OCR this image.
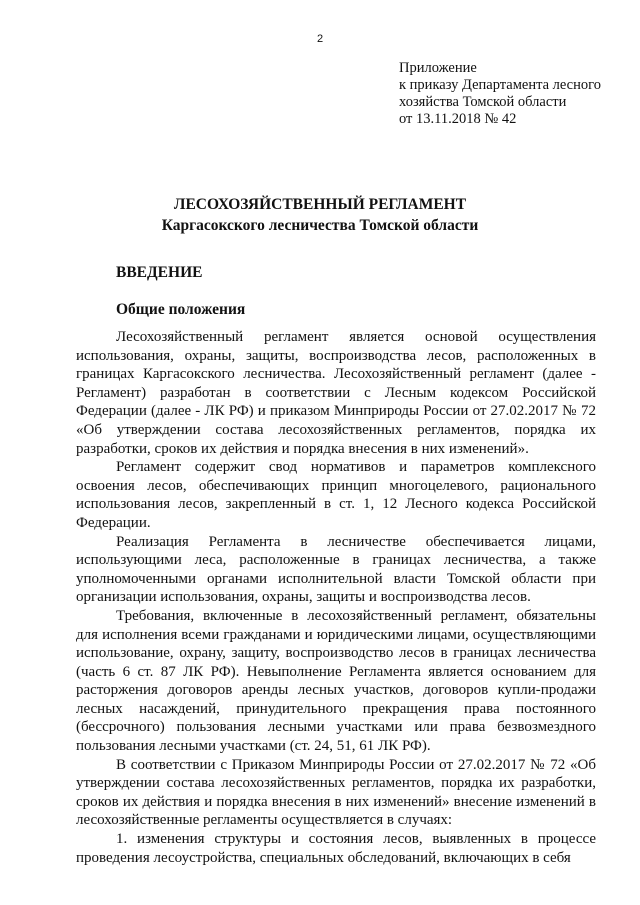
2
Приложение
к приказу Департамента лесного
хозяйства Томской области
от 13.11.2018 № 42
ЛЕСОХОЗЯЙСТВЕННЫЙ РЕГЛАМЕНТ
Каргасокского лесничества Томской области
ВВЕДЕНИЕ
Общие положения

Лесохозяйственный регламент является основой осуществления использования, охраны, защиты, воспроизводства лесов, расположенных в границах Каргасокского лесничества. Лесохозяйственный регламент (далее - Регламент) разработан в соответствии с Лесным кодексом Российской Федерации (далее - ЛК РФ) и приказом Минприроды России от 27.02.2017 № 72 «Об утверждении состава лесохозяйственных регламентов, порядка их разработки, сроков их действия и порядка внесения в них изменений».

Регламент содержит свод нормативов и параметров комплексного освоения лесов, обеспечивающих принцип многоцелевого, рационального использования лесов, закрепленный в ст. 1, 12 Лесного кодекса Российской Федерации.

Реализация Регламента в лесничестве обеспечивается лицами, использующими леса, расположенные в границах лесничества, а также уполномоченными органами исполнительной власти Томской области при организации использования, охраны, защиты и воспроизводства лесов.

Требования, включенные в лесохозяйственный регламент, обязательны для исполнения всеми гражданами и юридическими лицами, осуществляющими использование, охрану, защиту, воспроизводство лесов в границах лесничества (часть 6 ст. 87 ЛК РФ). Невыполнение Регламента является основанием для расторжения договоров аренды лесных участков, договоров купли-продажи лесных насаждений, принудительного прекращения права постоянного (бессрочного) пользования лесными участками или права безвозмездного пользования лесными участками (ст. 24, 51, 61 ЛК РФ).

В соответствии с Приказом Минприроды России от 27.02.2017 № 72 «Об утверждении состава лесохозяйственных регламентов, порядка их разработки, сроков их действия и порядка внесения в них изменений» внесение изменений в лесохозяйственные регламенты осуществляется в случаях:

1. изменения структуры и состояния лесов, выявленных в процессе проведения лесоустройства, специальных обследований, включающих в себя
